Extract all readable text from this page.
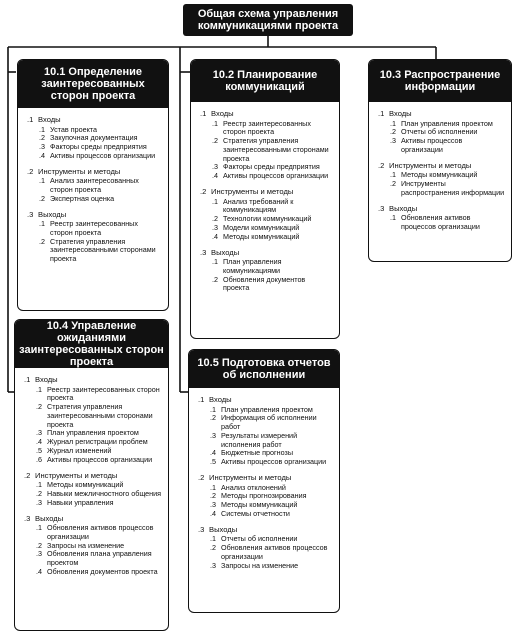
Общая схема управления коммуникациями проекта
10.1 Определение заинтересованных сторон проекта
.1 Входы
.1 Устав проекта
.2 Закупочная документация
.3 Факторы среды предприятия
.4 Активы процессов организации
.2 Инструменты и методы
.1 Анализ заинтересованных сторон проекта
.2 Экспертная оценка
.3 Выходы
.1 Реестр заинтересованных сторон проекта
.2 Стратегия управления заинтересованными сторонами проекта
10.2 Планирование коммуникаций
.1 Входы
.1 Реестр заинтересованных сторон проекта
.2 Стратегия управления заинтересованными сторонами проекта
.3 Факторы среды предприятия
.4 Активы процессов организации
.2 Инструменты и методы
.1 Анализ требований к коммуникациям
.2 Технологии коммуникаций
.3 Модели коммуникаций
.4 Методы коммуникаций
.3 Выходы
.1 План управления коммуникациями
.2 Обновления документов проекта
10.3 Распространение информации
.1 Входы
.1 План управления проектом
.2 Отчеты об исполнении
.3 Активы процессов организации
.2 Инструменты и методы
.1 Методы коммуникаций
.2 Инструменты распространения информации
.3 Выходы
.1 Обновления активов процессов организации
10.4 Управление ожиданиями заинтересованных сторон проекта
.1 Входы
.1 Реестр заинтересованных сторон проекта
.2 Стратегия управления заинтересованными сторонами проекта
.3 План управления проектом
.4 Журнал регистрации проблем
.5 Журнал изменений
.6 Активы процессов организации
.2 Инструменты и методы
.1 Методы коммуникаций
.2 Навыки межличностного общения
.3 Навыки управления
.3 Выходы
.1 Обновления активов процессов организации
.2 Запросы на изменение
.3 Обновления плана управления проектом
.4 Обновления документов проекта
10.5 Подготовка отчетов об исполнении
.1 Входы
.1 План управления проектом
.2 Информация об исполнении работ
.3 Результаты измерений исполнения работ
.4 Бюджетные прогнозы
.5 Активы процессов организации
.2 Инструменты и методы
.1 Анализ отклонений
.2 Методы прогнозирования
.3 Методы коммуникаций
.4 Системы отчетности
.3 Выходы
.1 Отчеты об исполнении
.2 Обновления активов процессов организации
.3 Запросы на изменение
